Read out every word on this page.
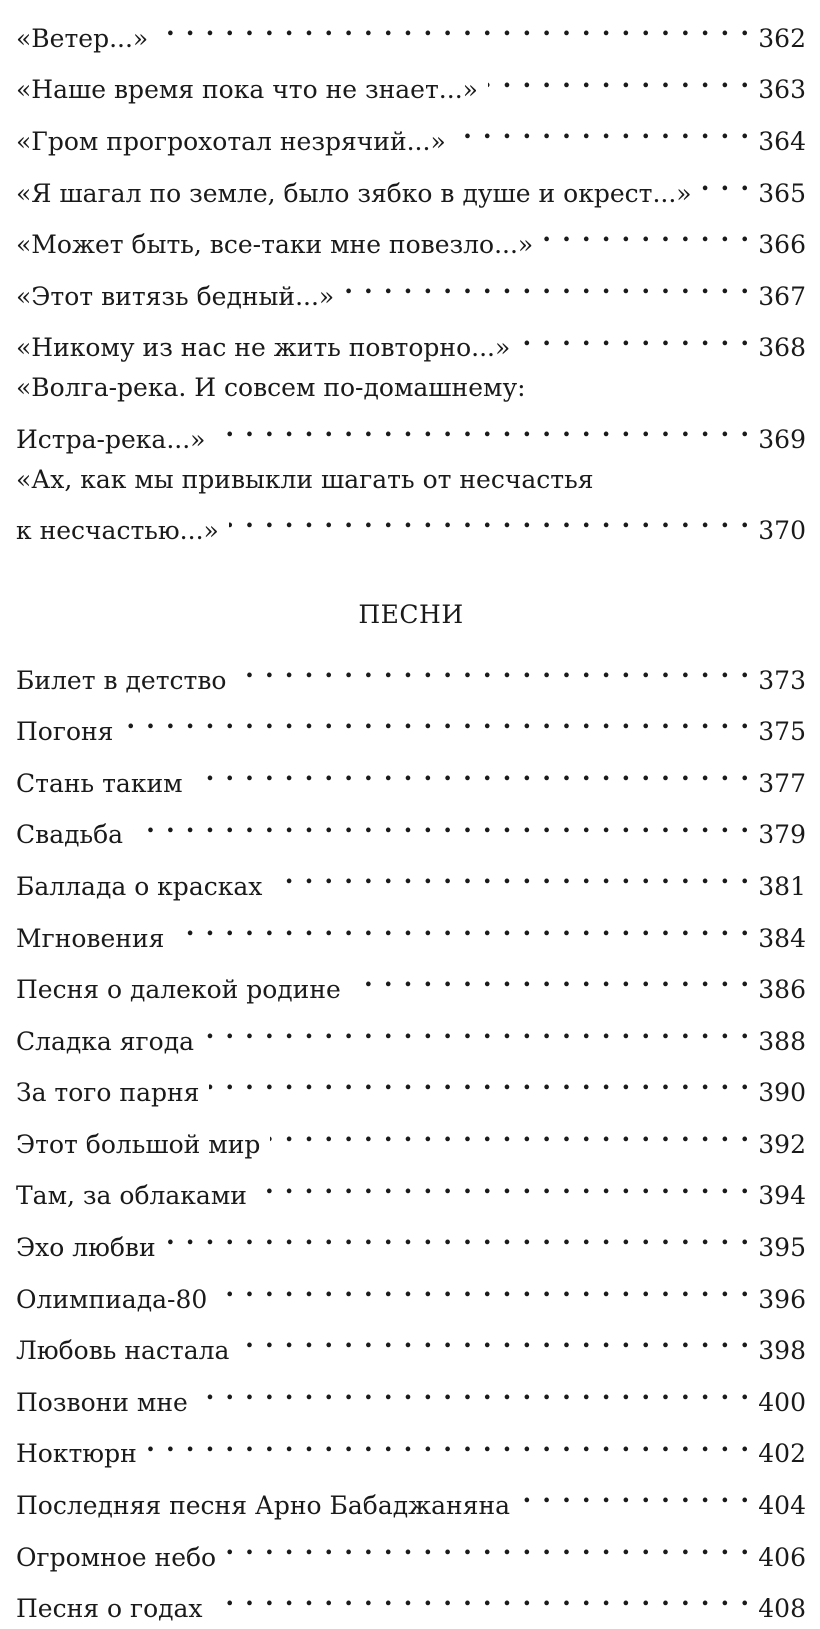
«Ветер...» . . .	362
«Наше время пока что не знает...» . . .	363
«Гром прогрохотал незрячий...» . . .	364
«Я шагал по земле, было зябко в душе и окрест...» . . .	365
«Может быть, все-таки мне повезло...» . . .	366
«Этот витязь бедный...» . . .	367
«Никому из нас не жить повторно...» . . .	368
«Волга-река. И совсем по-домашнему:
Истра-река...» . . .	369
«Ах, как мы привыкли шагать от несчастья
к несчастью...» . . .	370
ПЕСНИ
Билет в детство . . .	373
Погоня . . .	375
Стань таким . . .	377
Свадьба . . .	379
Баллада о красках . . .	381
Мгновения . . .	384
Песня о далекой родине . . .	386
Сладка ягода . . .	388
За того парня . . .	390
Этот большой мир . . .	392
Там, за облаками . . .	394
Эхо любви . . .	395
Олимпиада-80 . . .	396
Любовь настала . . .	398
Позвони мне . . .	400
Ноктюрн . . .	402
Последняя песня Арно Бабаджаняна . . .	404
Огромное небо . . .	406
Песня о годах . . .	408
